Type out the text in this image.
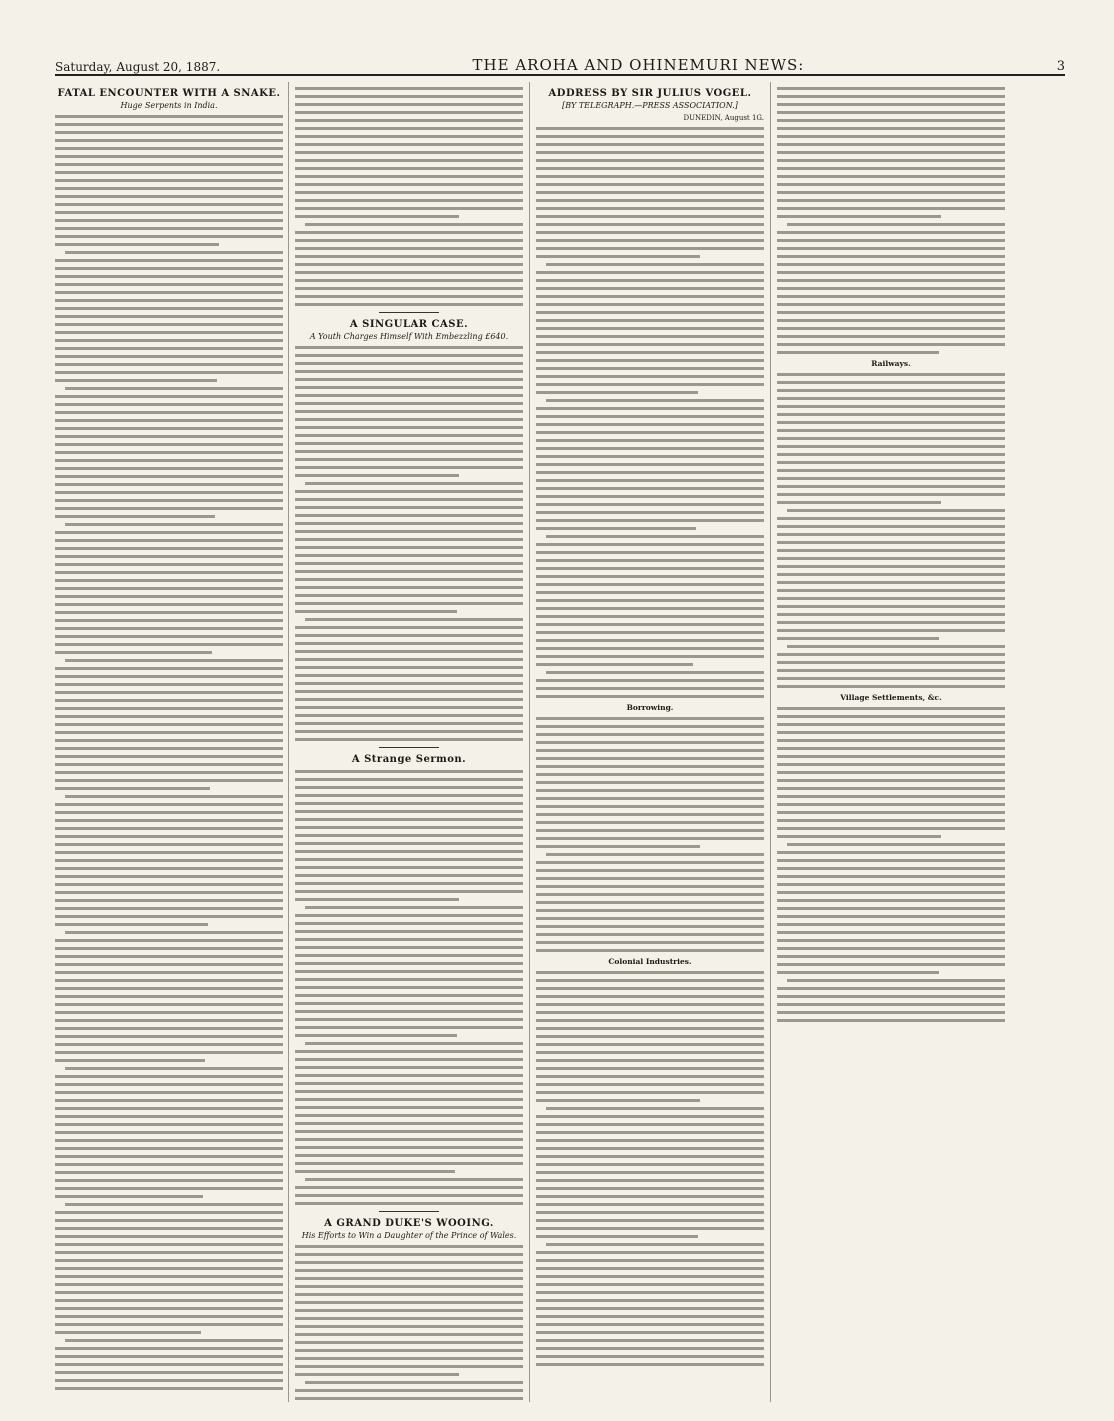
Saturday, August 20, 1887.	THE AROHA AND OHINEMURI NEWS:	3
FATAL ENCOUNTER WITH A SNAKE.
Huge Serpents in India.
A SINGULAR CASE.
A Youth Charges Himself With Embezzling £640.
A Strange Sermon.
A GRAND DUKE'S WOOING.
His Efforts to Win a Daughter of the Prince of Wales.
ADDRESS BY SIR JULIUS VOGEL.
[BY TELEGRAPH.—PRESS ASSOCIATION.]
DUNEDIN, August 1G.
Borrowing.
Colonial Industries.
Railways.
Village Settlements, &c.
